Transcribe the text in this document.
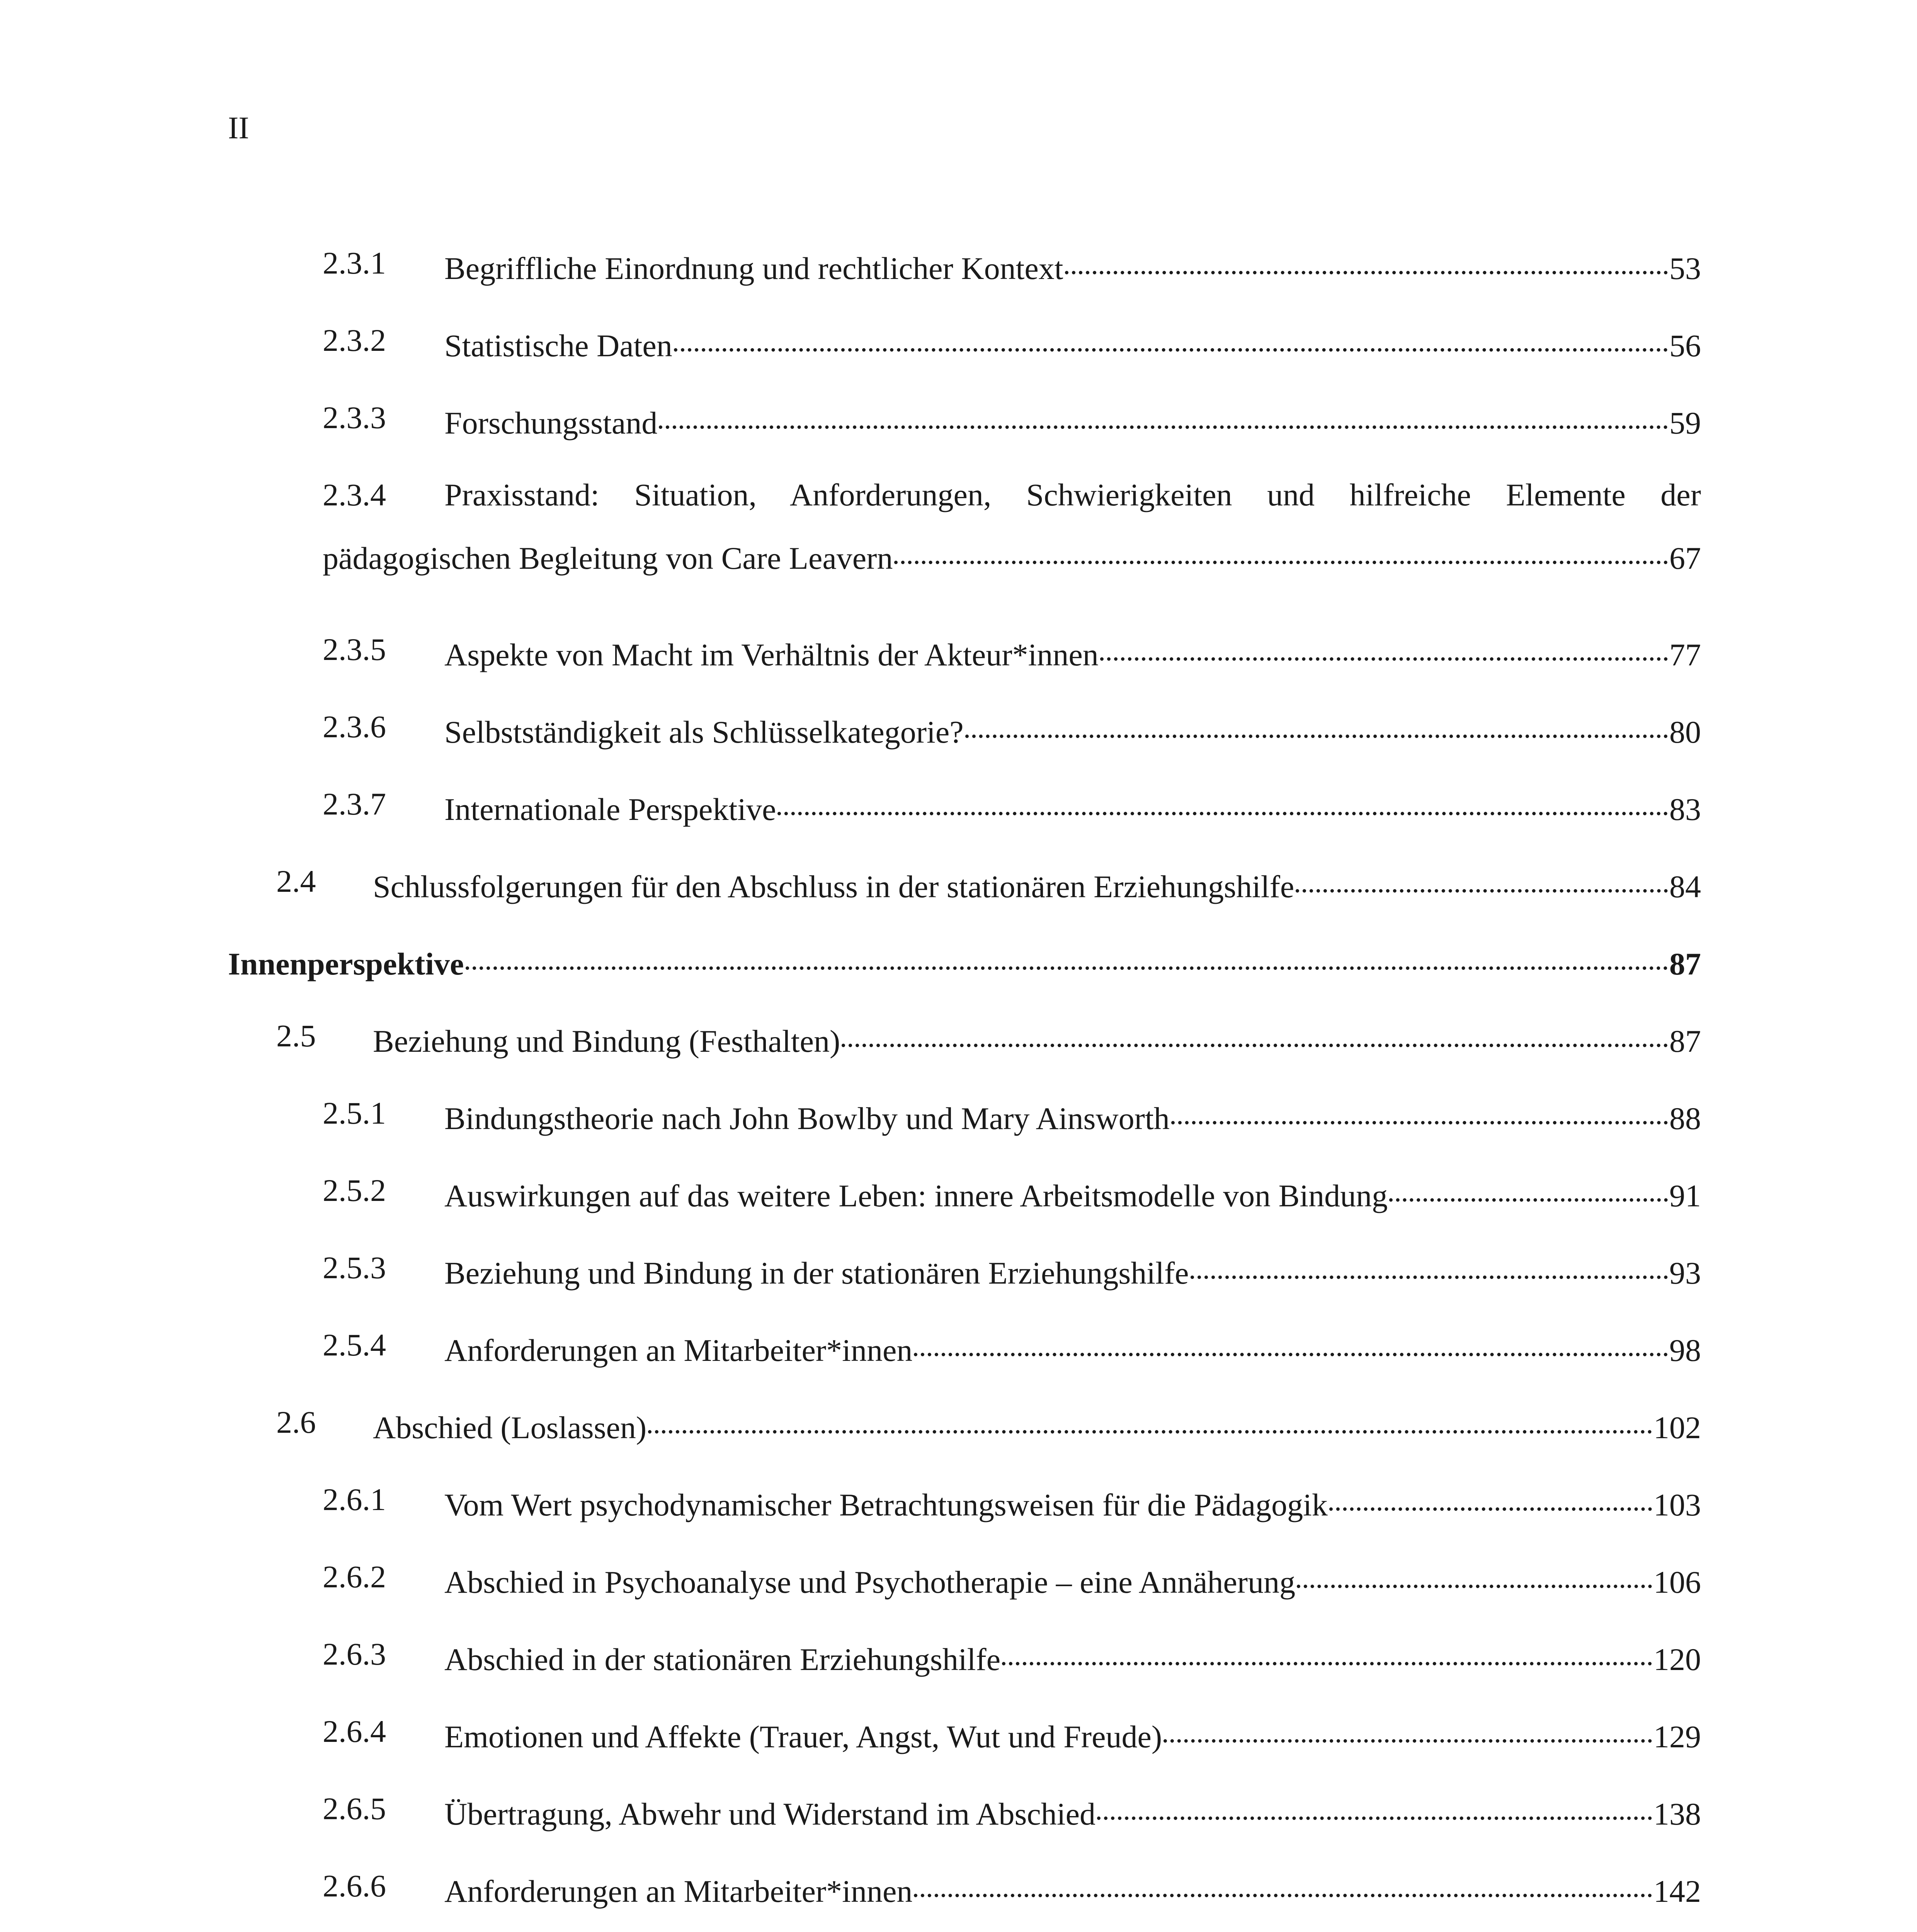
II
2.3.1 Begriffliche Einordnung und rechtlicher Kontext	53
2.3.2 Statistische Daten	56
2.3.3 Forschungsstand	59
2.3.4 Praxisstand: Situation, Anforderungen, Schwierigkeiten und hilfreiche Elemente der
pädagogischen Begleitung von Care Leavern	67
2.3.5 Aspekte von Macht im Verhältnis der Akteur*innen	77
2.3.6 Selbstständigkeit als Schlüsselkategorie?	80
2.3.7 Internationale Perspektive	83
2.4 Schlussfolgerungen für den Abschluss in der stationären Erziehungshilfe	84
Innenperspektive	87
2.5 Beziehung und Bindung (Festhalten)	87
2.5.1 Bindungstheorie nach John Bowlby und Mary Ainsworth	88
2.5.2 Auswirkungen auf das weitere Leben: innere Arbeitsmodelle von Bindung	91
2.5.3 Beziehung und Bindung in der stationären Erziehungshilfe	93
2.5.4 Anforderungen an Mitarbeiter*innen	98
2.6 Abschied (Loslassen)	102
2.6.1 Vom Wert psychodynamischer Betrachtungsweisen für die Pädagogik	103
2.6.2 Abschied in Psychoanalyse und Psychotherapie – eine Annäherung	106
2.6.3 Abschied in der stationären Erziehungshilfe	120
2.6.4 Emotionen und Affekte (Trauer, Angst, Wut und Freude)	129
2.6.5 Übertragung, Abwehr und Widerstand im Abschied	138
2.6.6 Anforderungen an Mitarbeiter*innen	142
